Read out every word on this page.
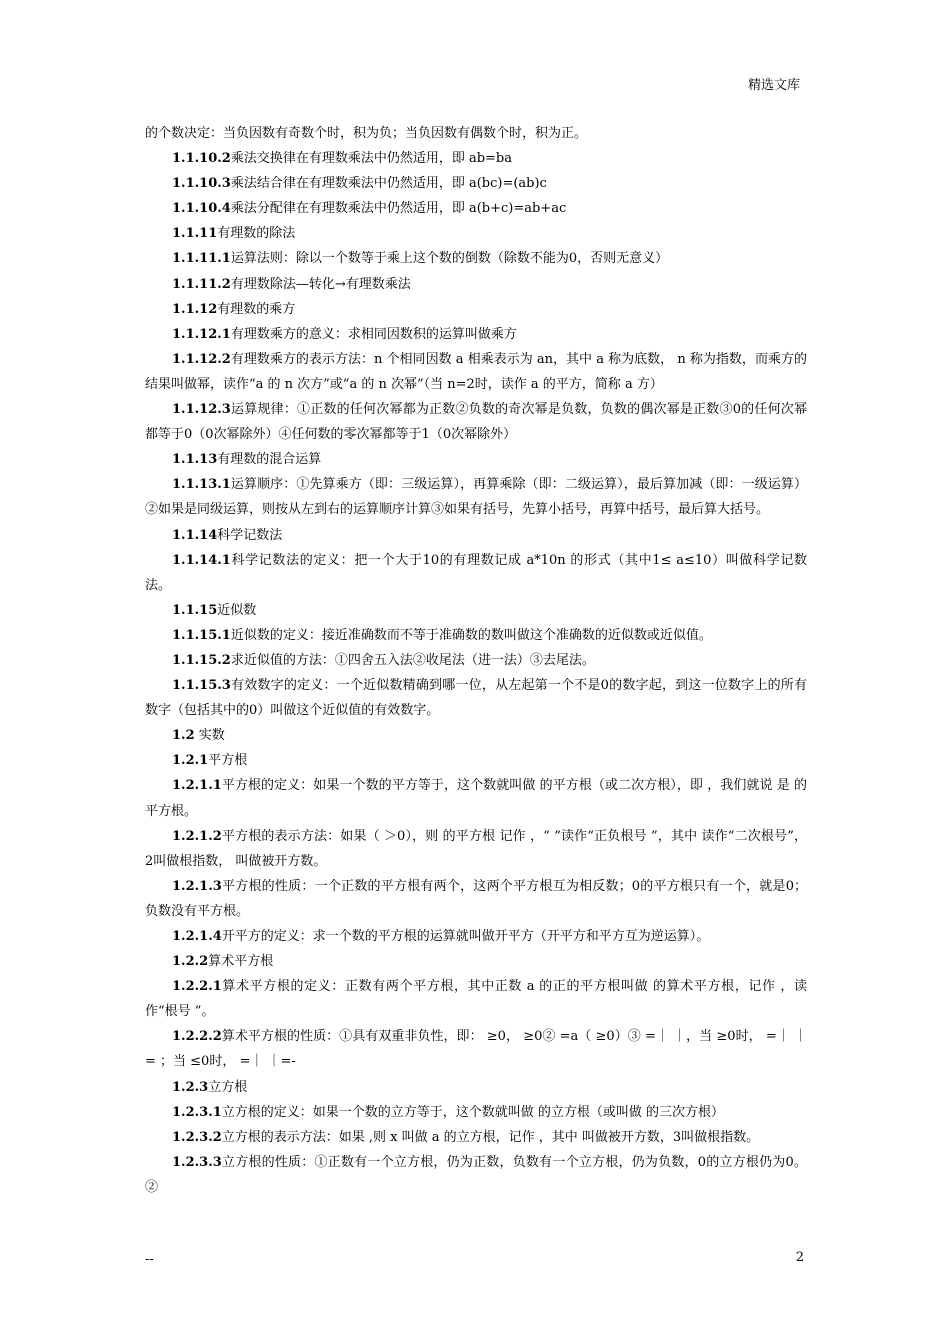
精选文库

的个数决定：当负因数有奇数个时，积为负；当负因数有偶数个时，积为正。

1.1.10.2乘法交换律在有理数乘法中仍然适用，即 ab=ba

1.1.10.3乘法结合律在有理数乘法中仍然适用，即 a(bc)=(ab)c

1.1.10.4乘法分配律在有理数乘法中仍然适用，即 a(b+c)=ab+ac

1.1.11有理数的除法

1.1.11.1运算法则：除以一个数等于乘上这个数的倒数（除数不能为0，否则无意义）

1.1.11.2有理数除法—转化→有理数乘法

1.1.12有理数的乘方

1.1.12.1有理数乘方的意义：求相同因数积的运算叫做乘方

1.1.12.2有理数乘方的表示方法：n 个相同因数 a 相乘表示为 an，其中 a 称为底数， n 称为指数，而乘方的结果叫做幂，读作“a 的 n 次方”或“a 的 n 次幂”（当 n=2时，读作 a 的平方，简称 a 方）

1.1.12.3运算规律：①正数的任何次幂都为正数②负数的奇次幂是负数，负数的偶次幂是正数③0的任何次幂都等于0（0次幂除外）④任何数的零次幂都等于1（0次幂除外）

1.1.13有理数的混合运算

1.1.13.1运算顺序：①先算乘方（即：三级运算），再算乘除（即：二级运算），最后算加减（即：一级运算）②如果是同级运算，则按从左到右的运算顺序计算③如果有括号，先算小括号，再算中括号，最后算大括号。

1.1.14科学记数法

1.1.14.1科学记数法的定义：把一个大于10的有理数记成 a*10n 的形式（其中1≤ a≤10）叫做科学记数法。

1.1.15近似数

1.1.15.1近似数的定义：接近准确数而不等于准确数的数叫做这个准确数的近似数或近似值。

1.1.15.2求近似值的方法：①四舍五入法②收尾法（进一法）③去尾法。

1.1.15.3有效数字的定义：一个近似数精确到哪一位，从左起第一个不是0的数字起，到这一位数字上的所有数字（包括其中的0）叫做这个近似值的有效数字。

1.2 实数

1.2.1平方根

1.2.1.1平方根的定义：如果一个数的平方等于，这个数就叫做 的平方根（或二次方根），即 ，我们就说 是 的平方根。

1.2.1.2平方根的表示方法：如果（ ＞0），则 的平方根 记作 ，“ ”读作“正负根号 ”，其中 读作“二次根号”，2叫做根指数， 叫做被开方数。

1.2.1.3平方根的性质：一个正数的平方根有两个，这两个平方根互为相反数；0的平方根只有一个，就是0；负数没有平方根。

1.2.1.4开平方的定义：求一个数的平方根的运算就叫做开平方（开平方和平方互为逆运算）。

1.2.2算术平方根

1.2.2.1算术平方根的定义：正数有两个平方根，其中正数 a 的正的平方根叫做 的算术平方根，记作 ，读作“根号 ”。

1.2.2.2算术平方根的性质：①具有双重非负性，即： ≥0， ≥0② =a（ ≥0）③ =｜ ｜，当 ≥0时， =｜ ｜= ；当 ≤0时， =｜ ｜=-

1.2.3立方根

1.2.3.1立方根的定义：如果一个数的立方等于，这个数就叫做 的立方根（或叫做 的三次方根）

1.2.3.2立方根的表示方法：如果 ,则 x 叫做 a 的立方根，记作 ，其中 叫做被开方数，3叫做根指数。

1.2.3.3立方根的性质：①正数有一个立方根，仍为正数，负数有一个立方根，仍为负数，0的立方根仍为0。②

--	2
